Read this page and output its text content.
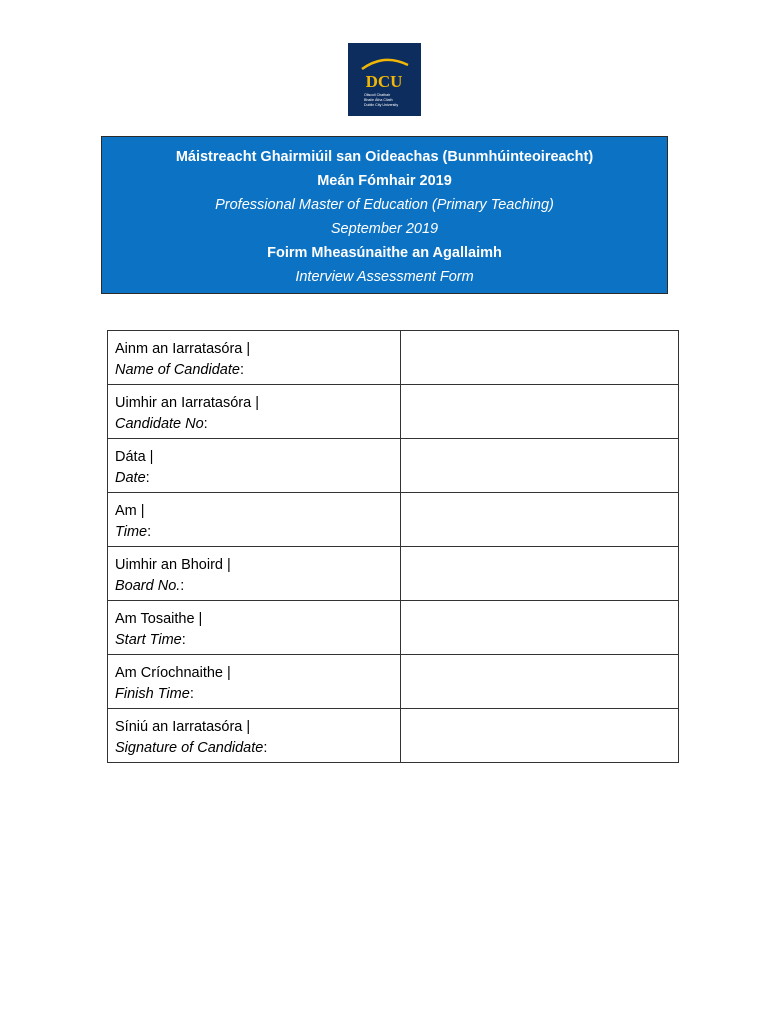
DCU
Ollscoil Chathair
Bhaile Átha Cliath
Dublin City University
Máistreacht Ghairmiúil san Oideachas (Bunmhúinteoireacht)
Meán Fómhair 2019
Professional Master of Education (Primary Teaching)
September 2019
Foirm Mheasúnaithe an Agallaimh
Interview Assessment Form
Ainm an Iarratasóra |
Name of Candidate:	

Uimhir an Iarratasóra |
Candidate No:	

Dáta |
Date:	

Am |
Time:	

Uimhir an Bhoird |
Board No.:	

Am Tosaithe |
Start Time:	

Am Críochnaithe |
Finish Time:	

Síniú an Iarratasóra |
Signature of Candidate:	
